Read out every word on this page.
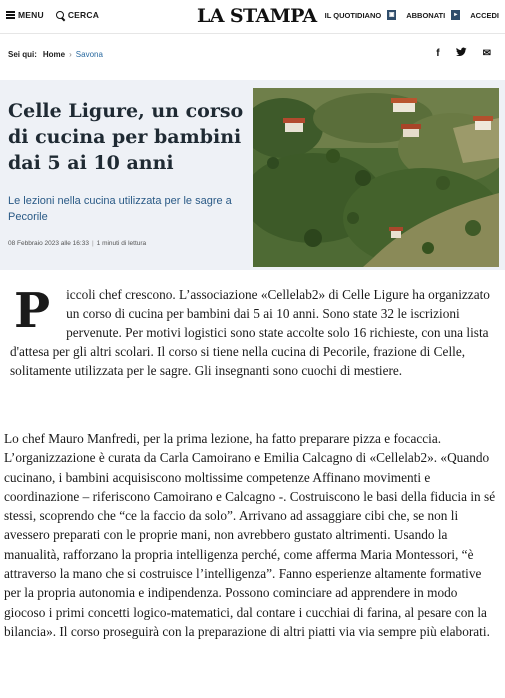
MENU	CERCA	LA STAMPA IL QUOTIDIANO ▣ ABBONATI	▸	ACCEDI
Sei qui: Home › Savona	f	✉
Celle Ligure, un corso di cucina per bambini dai 5 ai 10 anni
Le lezioni nella cucina utilizzata per le sagre a Pecorile
08 Febbraio 2023 alle 16:33 | 1 minuti di lettura

P iccoli chef crescono. L’associazione «Cellelab2» di Celle Ligure ha organizzato un corso di cucina per bambini dai 5 ai 10 anni. Sono state 32 le iscrizioni pervenute. Per motivi logistici sono state accolte solo 16 richieste, con una lista d'attesa per gli altri scolari. Il corso si tiene nella cucina di Pecorile, frazione di Celle, solitamente utilizzata per le sagre. Gli insegnanti sono cuochi di mestiere.

Lo chef Mauro Manfredi, per la prima lezione, ha fatto preparare pizza e focaccia. L’organizzazione è curata da Carla Camoirano e Emilia Calcagno di «Cellelab2». «Quando cucinano, i bambini acquisiscono moltissime competenze Affinano movimenti e coordinazione – riferiscono Camoirano e Calcagno -. Costruiscono le basi della fiducia in sé stessi, scoprendo che “ce la faccio da solo”. Arrivano ad assaggiare cibi che, se non li avessero preparati con le proprie mani, non avrebbero gustato altrimenti. Usando la manualità, rafforzano la propria intelligenza perché, come afferma Maria Montessori, “è attraverso la mano che si costruisce l’intelligenza”. Fanno esperienze altamente formative per la propria autonomia e indipendenza. Possono cominciare ad apprendere in modo giocoso i primi concetti logico-matematici, dal contare i cucchiai di farina, al pesare con la bilancia». Il corso proseguirà con la preparazione di altri piatti via via sempre più elaborati.
